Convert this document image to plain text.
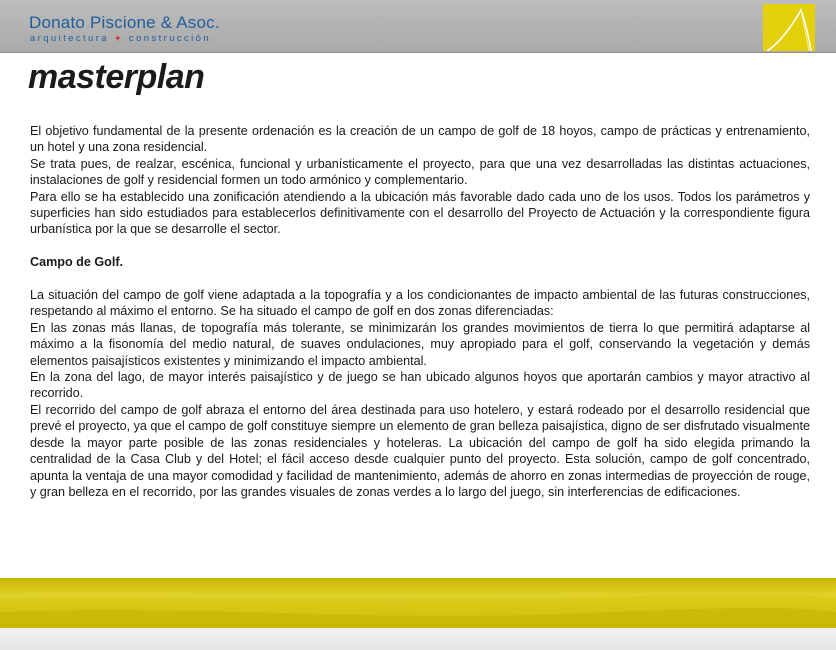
Donato Piscione & Asoc.
arquitectura + construcción
masterplan

El objetivo fundamental de la presente ordenación es la creación de un campo de golf de 18 hoyos, campo de prácticas y entrenamiento, un hotel y una zona residencial.

Se trata pues, de realzar, escénica, funcional y urbanísticamente el proyecto, para que una vez desarrolladas las distintas actuaciones, instalaciones de golf y residencial formen un todo armónico y complementario.

Para ello se ha establecido una zonificación atendiendo a la ubicación más favorable dado cada uno de los usos. Todos los parámetros y superficies han sido estudiados para establecerlos definitivamente con el desarrollo del Proyecto de Actuación y la correspondiente figura urbanística por la que se desarrolle el sector.

Campo de Golf.

La situación del campo de golf viene adaptada a la topografía y a los condicionantes de impacto ambiental de las futuras construcciones, respetando al máximo el entorno. Se ha situado el campo de golf en dos zonas diferenciadas:

En las zonas más llanas, de topografía más tolerante, se minimizarán los grandes movimientos de tierra lo que permitirá adaptarse al máximo a la fisonomía del medio natural, de suaves ondulaciones, muy apropiado para el golf, conservando la vegetación y demás elementos paisajísticos existentes y minimizando el impacto ambiental.

En la zona del lago, de mayor interés paisajístico y de juego se han ubicado algunos hoyos que aportarán cambios y mayor atractivo al recorrido.

El recorrido del campo de golf abraza el entorno del área destinada para uso hotelero, y estará rodeado por el desarrollo residencial que prevé el proyecto, ya que el campo de golf constituye siempre un elemento de gran belleza paisajística, digno de ser disfrutado visualmente desde la mayor parte posible de las zonas residenciales y hoteleras. La ubicación del campo de golf ha sido elegida primando la centralidad de la Casa Club y del Hotel; el fácil acceso desde cualquier punto del proyecto. Esta solución, campo de golf concentrado, apunta la ventaja de una mayor comodidad y facilidad de mantenimiento, además de ahorro en zonas intermedias de proyección de rouge, y gran belleza en el recorrido, por las grandes visuales de zonas verdes a lo largo del juego, sin interferencias de edificaciones.
